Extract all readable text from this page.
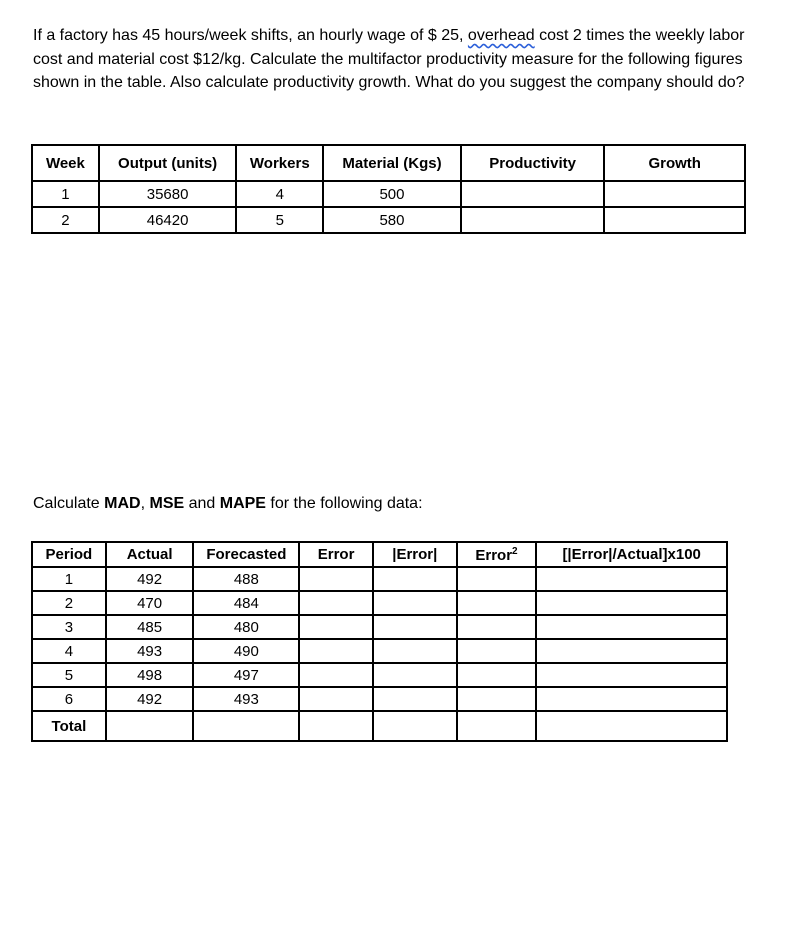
If a factory has 45 hours/week shifts, an hourly wage of $ 25, overhead cost 2 times the weekly labor cost and material cost $12/kg. Calculate the multifactor productivity measure for the following figures shown in the table. Also calculate productivity growth. What do you suggest the company should do?

Week	Output (units)	Workers	Material (Kgs)	Productivity	Growth
1	35680	4	500		
2	46420	5	580		

Calculate MAD, MSE and MAPE for the following data:

Period	Actual	Forecasted	Error	|Error|	Error$^2$	[|Error|/Actual]x100
1	492	488				
2	470	484				
3	485	480				
4	493	490				
5	498	497				
6	492	493				
Total						
